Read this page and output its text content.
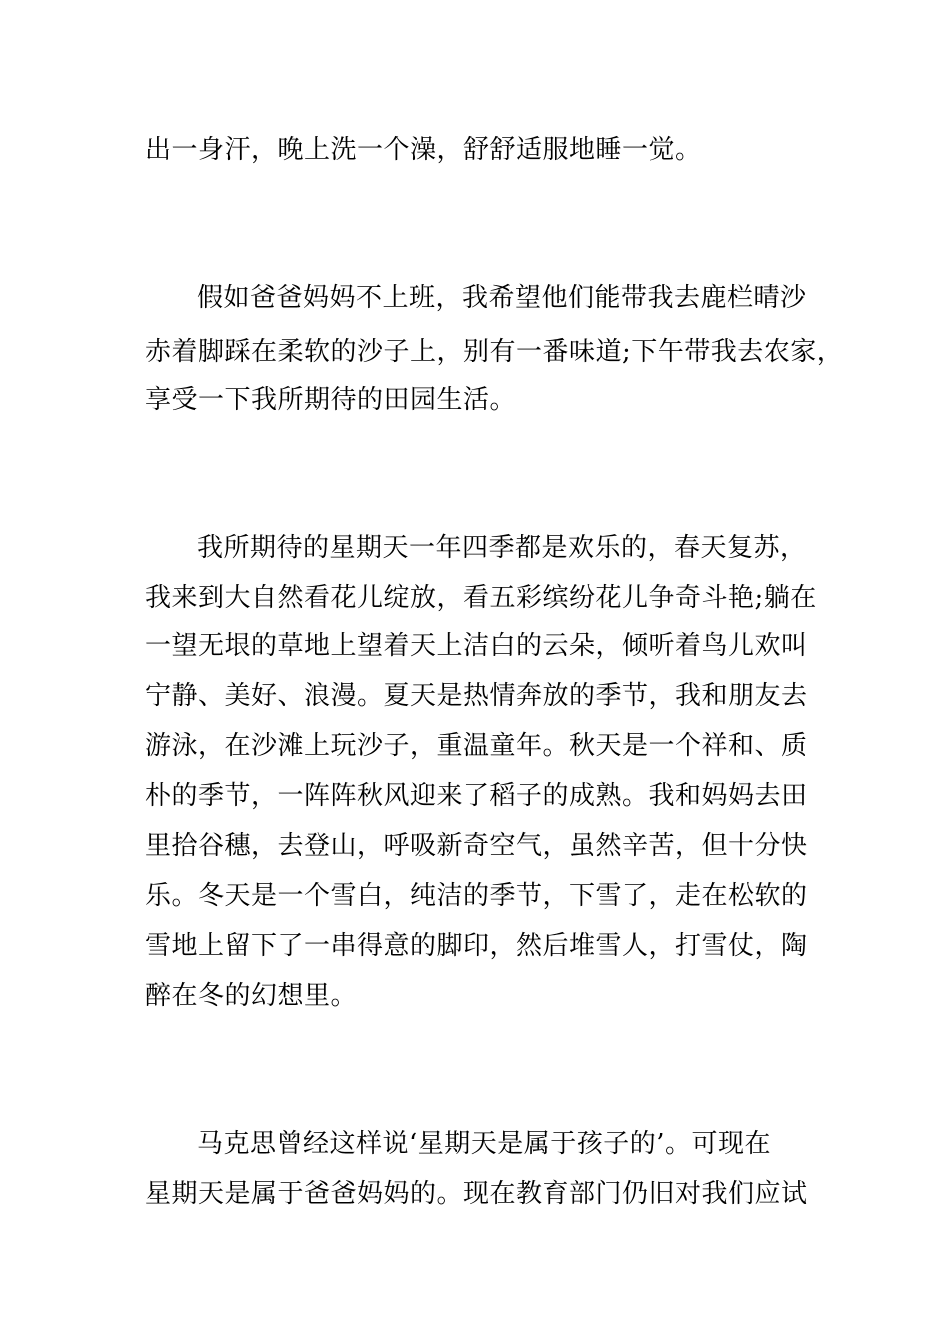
出一身汗，晚上洗一个澡，舒舒适服地睡一觉。
假如爸爸妈妈不上班，我希望他们能带我去鹿栏晴沙
赤着脚踩在柔软的沙子上，别有一番味道;下午带我去农家，
享受一下我所期待的田园生活。
我所期待的星期天一年四季都是欢乐的，春天复苏，
我来到大自然看花儿绽放，看五彩缤纷花儿争奇斗艳;躺在
一望无垠的草地上望着天上洁白的云朵，倾听着鸟儿欢叫
宁静、美好、浪漫。夏天是热情奔放的季节，我和朋友去
游泳，在沙滩上玩沙子，重温童年。秋天是一个祥和、质
朴的季节，一阵阵秋风迎来了稻子的成熟。我和妈妈去田
里拾谷穗，去登山，呼吸新奇空气，虽然辛苦，但十分快
乐。冬天是一个雪白，纯洁的季节，下雪了，走在松软的
雪地上留下了一串得意的脚印，然后堆雪人，打雪仗，陶
醉在冬的幻想里。
马克思曾经这样说‘星期天是属于孩子的’。可现在
星期天是属于爸爸妈妈的。现在教育部门仍旧对我们应试
